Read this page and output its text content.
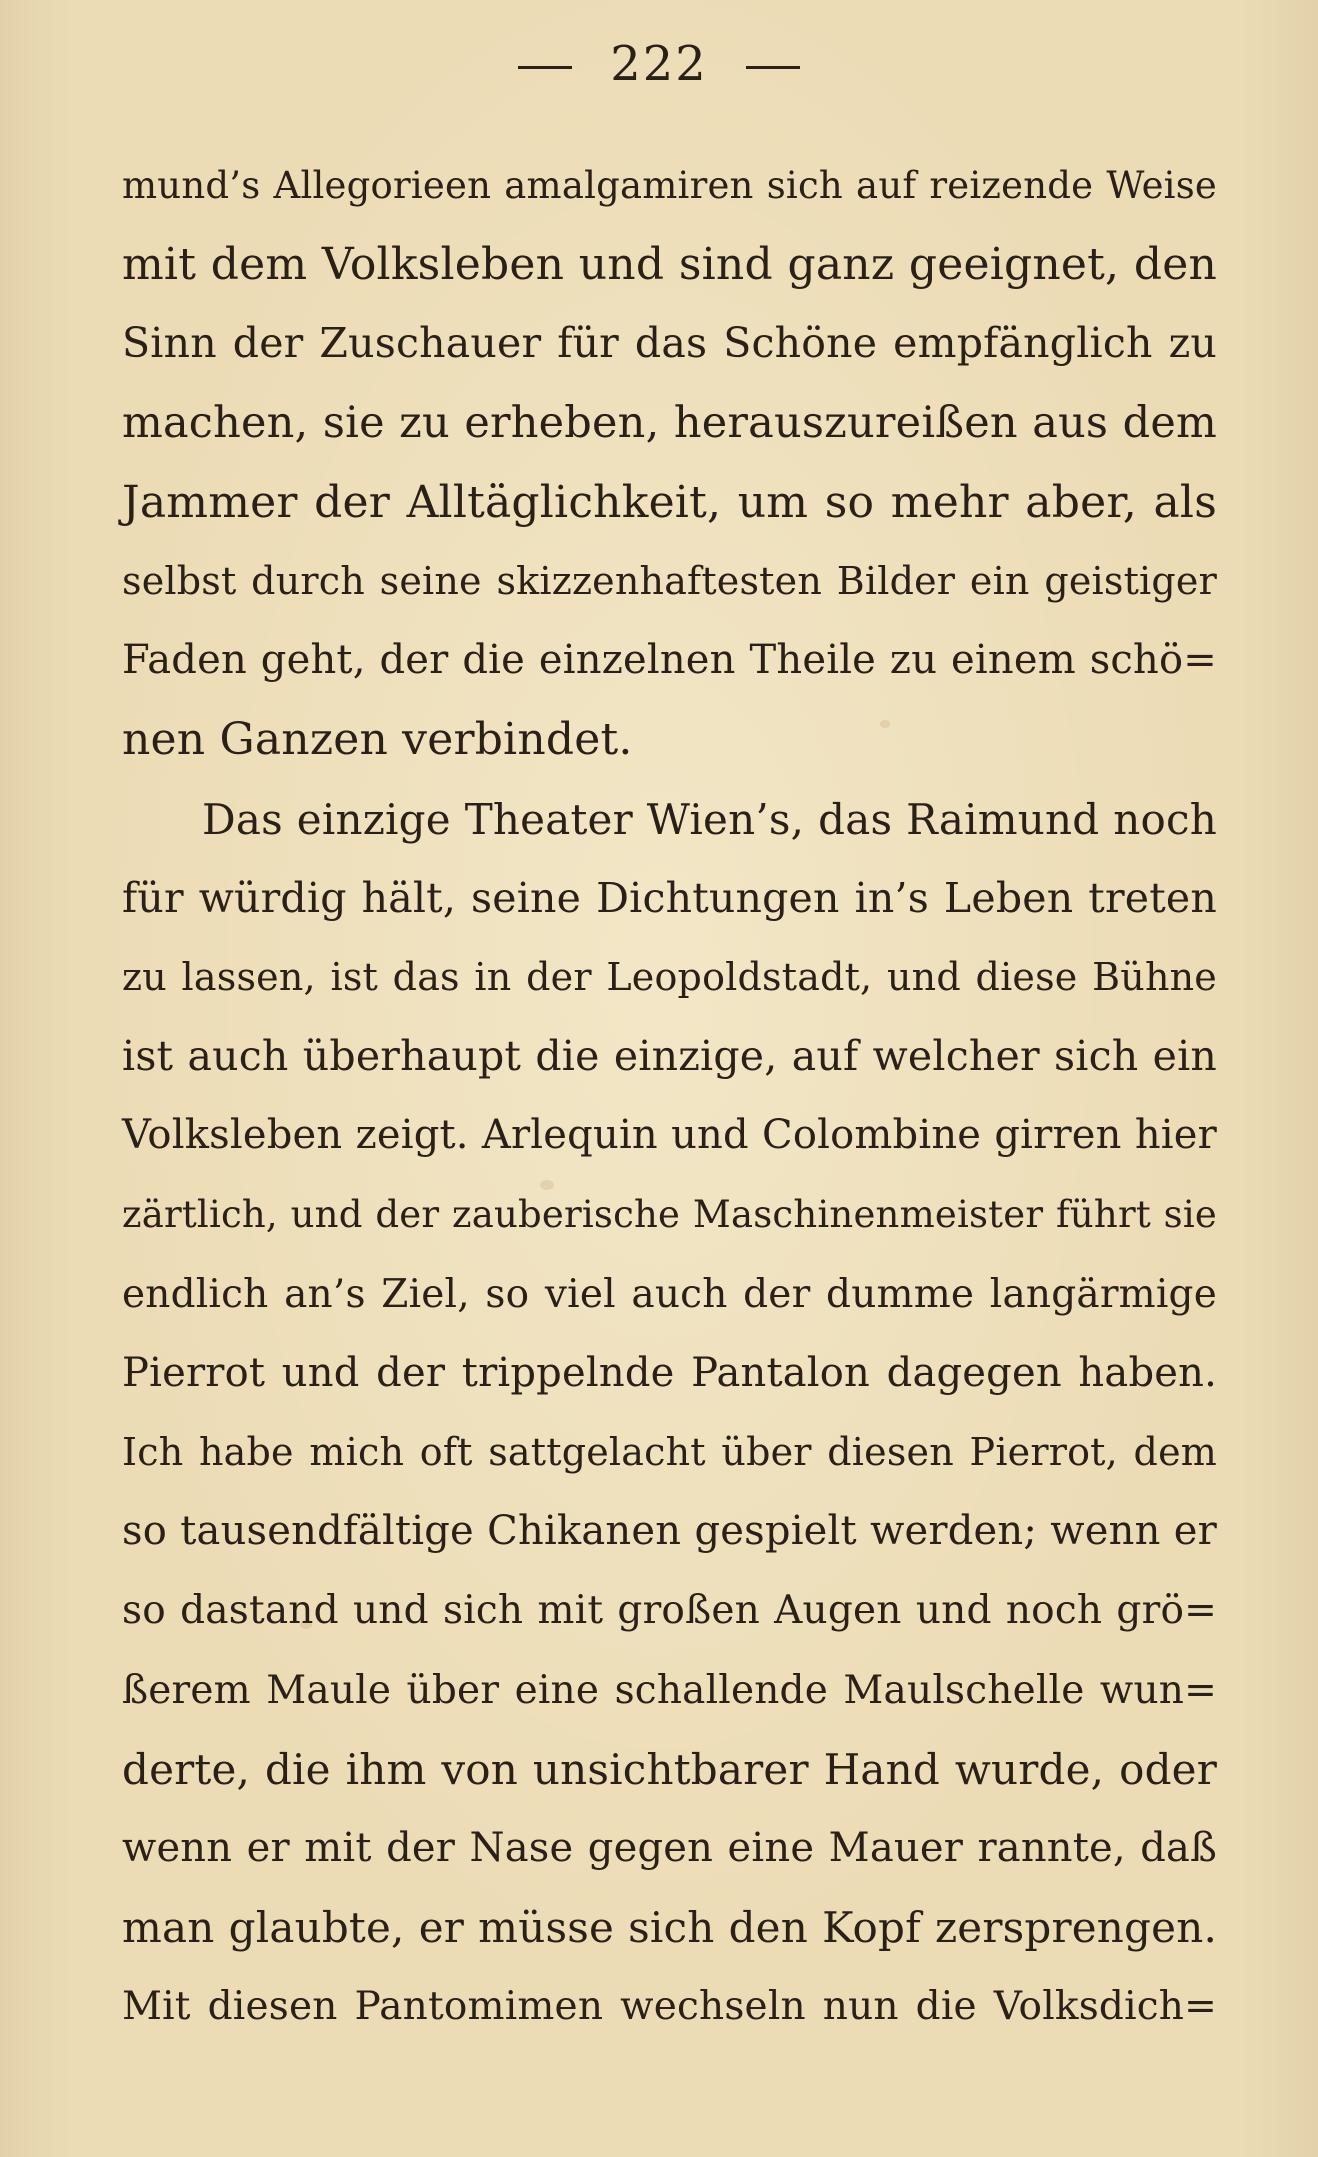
222
mund’s Allegorieen amalgamiren sich auf reizende Weise
mit dem Volksleben und sind ganz geeignet, den
Sinn der Zuschauer für das Schöne empfänglich zu
machen, sie zu erheben, herauszureißen aus dem
Jammer der Alltäglichkeit, um so mehr aber, als
selbst durch seine skizzenhaftesten Bilder ein geistiger
Faden geht, der die einzelnen Theile zu einem schö=
nen Ganzen verbindet.
Das einzige Theater Wien’s, das Raimund noch
für würdig hält, seine Dichtungen in’s Leben treten
zu lassen, ist das in der Leopoldstadt, und diese Bühne
ist auch überhaupt die einzige, auf welcher sich ein
Volksleben zeigt. Arlequin und Colombine girren hier
zärtlich, und der zauberische Maschinenmeister führt sie
endlich an’s Ziel, so viel auch der dumme langärmige
Pierrot und der trippelnde Pantalon dagegen haben.
Ich habe mich oft sattgelacht über diesen Pierrot, dem
so tausendfältige Chikanen gespielt werden; wenn er
so dastand und sich mit großen Augen und noch grö=
ßerem Maule über eine schallende Maulschelle wun=
derte, die ihm von unsichtbarer Hand wurde, oder
wenn er mit der Nase gegen eine Mauer rannte, daß
man glaubte, er müsse sich den Kopf zersprengen.
Mit diesen Pantomimen wechseln nun die Volksdich=
